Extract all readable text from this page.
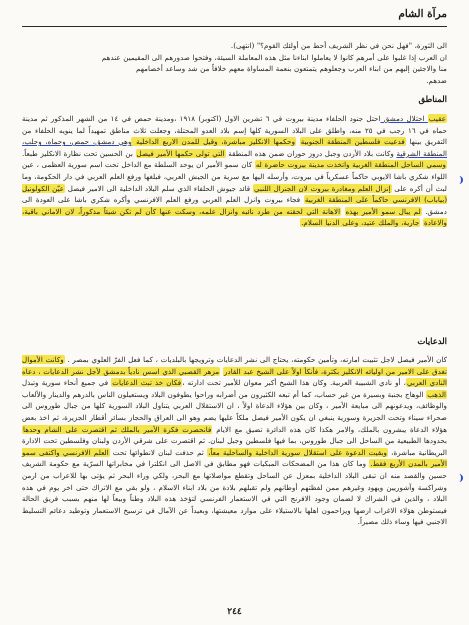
مرآة الشام
الى الثورة، "فهل نحن في نظر الشريف أحط من أولئك القوم؟" (انتهى).
ان العرب إذا غلبوا على أمرهم كانوا لا يعاملوا ابناءنا مثل هذه المعاملة السيئة، وفتحوا صدورهم الى المقيمين عندهم
منا والاجئين إليهم من ابناء العرب وجعلوهم يتمتعون بنعمة المساواة معهم خلافاً من شد وساعد أخصامهم
ضدهم.
المناطق
عقيب احتلال دمشق احتل جنود الحلفاء مدينة بيروت في ٦ تشرين الاول (اكتوبر) ١٩١٨ ،ومدينة حمص في ١٤ من الشهر المذكور ثم مدينة حماه في ١٦ رجب في ٢٥ منه، واطلق على البلاد السورية كلها إسم بلاد العدو المحتلة، وجعلت ثلاث مناطق تمهيداً لما ينويه الحلفاء من التفريق بينها فدعيت فلسطين المنطقة الجنوبية وحكمها الانكليز مباشرة، وقيل للمدن الاربع الداخلية وهي دمشق، حمص، وحماه، وحلب، المنطقة الشرقية وكانت بلاد الأردن وجبل دروز حوران ضمن هذه المنطقة التي تولى حكمها الأمير فيصل بن الحسين تحت نظارة الانكليز طبعاً. وسمي الساحل المنطقة الغربية واتخذت مدينة بيروت حاضرة له كان سمو الأمير ان يوحد السلطة مع الداخل تحت اسم سورية العظمى ، عين اللواء شكري باشا الايوبي حاكماً عسكرياً في بيروت، وأرسله اليها مع سرية من الجيش العربي، فبلغها ورفع العلم العربي في دار الحكومة، وما لبث أن أكره على إنزال العلم ومغادرة بيروت لان الجنرال اللنبي قائد جيوش الحلفاء الذي سلم البلاد الداخلية الى الامير فيصل عيّن الكولونيل (بياباب) الافرنسي حاكماً على المنطقة الغربية فجاء بيروت وانزل العلم العربي ورفع العلم الافرنسي وأكره شكري باشا على العودة الى دمشق. لم يبال سمو الأمير بهذه الاهانة التي لحقته من طرد نائبه وانزال علمه، وسكت عنها كأن لم تكن شيئاً مذكوراً، لان الاماني باقية، والاعادة جارية، والملك عتيد، وعلى الدنيا السلام.
الدعايات
كان الأمير فيصل لاجل تثبيت امارته، وتأمين حكومته، يحتاج الى نشر الدعايات وترويجها بالبلديات ، كما فعل الفرّ العلوي بمصر . وكانت الأموال تغدق على الامير من اوليائه الانكليز بكثرة، فأنكأ اولاً على الشيخ عبد القادر مزهر القصبي الذي اسس نادياً بدمشق لأجل نشر الدعايات ، دعاه النادي العربي، أو نادي الشبيبة العربية. وكان هذا الشيخ أكبر معوان للأمير تحت ادارته ،فكان خذ تبث الدعايات في جميع أنحاء سورية وتبذل الذهب الوهاج بجنبة وبسيرة من غير حساب، كما أم تبعه الكثيرون من أضرابه وراحوا يطوفون البلاد ويستعيلون الناس بالدرهم والدينار والألعاب والوظائف، ويدعونهم الى مبايعة الأمير ، وكان بين هؤلاء الدعاة اولاً ، ان الاستقلال العربي يتناول البلاد السورية كلها من جبال طوروس الى صحراء سيناء وتحت الجزيرة وسورية ينبغي ان يكون الأمير فيصل ملكاً عليها يضم وهو الى العراق والحجاز بسائر أقطار الجزيرة، ثم اخذ بعض هؤلاء الدعاة يبشرون بالملك، والامر هكذا كان هذه الدائرة تضيق مع الايام فانحصرت فكرة الأمير بالملك ثم اقتصرت على الشام وحدها بحدودها الطبيعية من الساحل الى جبال طوروس، بما فيها فلسطين وجبل لبنان. ثم اقتصرت على شرقي الأردن ولبنان وفلسطين تحت الادارة البريطانية مباشرة، وبقيت الدعوة على استقلال سورية الداخلية والساحلية معاً، ثم حذفت لبنان لانطوائها تحت العلم الافرنسي واكتفى سمو الأمير بالمدن الأربع فقط. وما كان هذا من المضحكات المبكيات فهو مطابق في الاصل الى انكلترا في مخابراتها السرّية مع حكومة الشريف حسين والقصد منه ان تبقى البلاد الداخلية بمعزل عن الساحل وتقطع مواصلاتها مع البحر، ولكي وراء البحر ثم يؤتى بها للاعراب من ارمن وشراكسة وآشوريين ويهود وغيرهم ممن لفظتهم أوطانهم ولم تقبلهم بلادة من بلاد ابناء الاسلام ، ولو بقي مع الاتراك حتى اخر يوم في هذه البلاد ، والذين في الشراك لا لضمان وجود الافرنج التي في الاستعمار الفرنسي لتؤخذ هذه البلاد وطناً وبيعاً لها منهم بسبب فريق الحالة فيستوطن هؤلاء الاغراب ارضها ويزاحمون اهلها بالاستيلاء على موارد معيشتها، وبعيداً عن الآمال في ترسيخ الاستعمار وتوطيد دعائم التسليط الاجنبي فيها وساء ذلك مصيراً.
٢٤٤
